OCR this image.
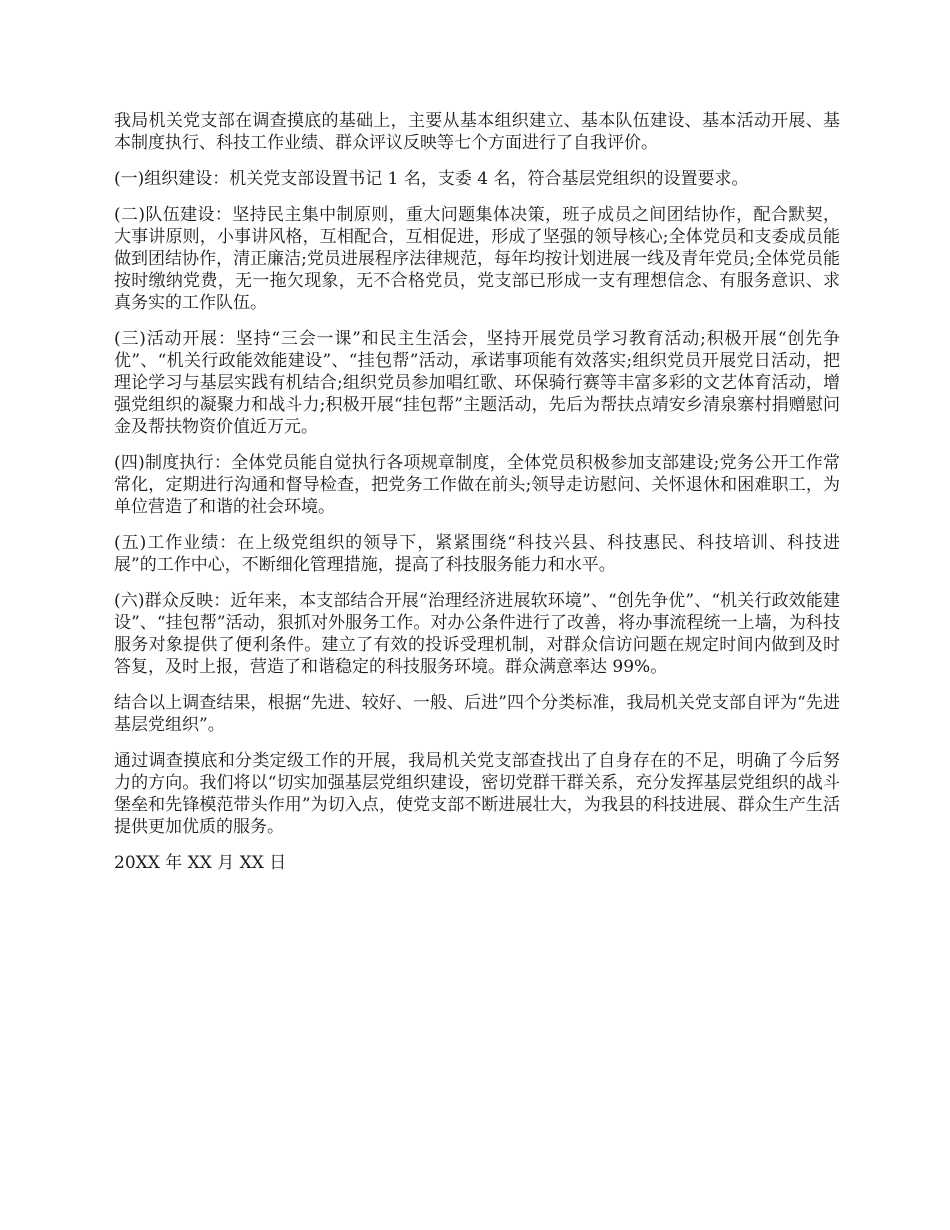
我局机关党支部在调查摸底的基础上，主要从基本组织建立、基本队伍建设、基本活动开展、基本制度执行、科技工作业绩、群众评议反映等七个方面进行了自我评价。

(一)组织建设：机关党支部设置书记 1 名，支委 4 名，符合基层党组织的设置要求。

(二)队伍建设：坚持民主集中制原则，重大问题集体决策，班子成员之间团结协作，配合默契，大事讲原则，小事讲风格，互相配合，互相促进，形成了坚强的领导核心;全体党员和支委成员能做到团结协作，清正廉洁;党员进展程序法律规范，每年均按计划进展一线及青年党员;全体党员能按时缴纳党费，无一拖欠现象，无不合格党员，党支部已形成一支有理想信念、有服务意识、求真务实的工作队伍。

(三)活动开展：坚持“三会一课”和民主生活会，坚持开展党员学习教育活动;积极开展“创先争优”、“机关行政能效能建设”、“挂包帮”活动，承诺事项能有效落实;组织党员开展党日活动，把理论学习与基层实践有机结合;组织党员参加唱红歌、环保骑行赛等丰富多彩的文艺体育活动，增强党组织的凝聚力和战斗力;积极开展“挂包帮”主题活动，先后为帮扶点靖安乡清泉寨村捐赠慰问金及帮扶物资价值近万元。

(四)制度执行：全体党员能自觉执行各项规章制度，全体党员积极参加支部建设;党务公开工作常常化，定期进行沟通和督导检查，把党务工作做在前头;领导走访慰问、关怀退休和困难职工，为单位营造了和谐的社会环境。

(五)工作业绩：在上级党组织的领导下，紧紧围绕“科技兴县、科技惠民、科技培训、科技进展”的工作中心，不断细化管理措施，提高了科技服务能力和水平。

(六)群众反映：近年来，本支部结合开展“治理经济进展软环境”、“创先争优”、“机关行政效能建设”、“挂包帮”活动，狠抓对外服务工作。对办公条件进行了改善，将办事流程统一上墙，为科技服务对象提供了便利条件。建立了有效的投诉受理机制，对群众信访问题在规定时间内做到及时答复，及时上报，营造了和谐稳定的科技服务环境。群众满意率达 99%。

结合以上调查结果，根据“先进、较好、一般、后进”四个分类标准，我局机关党支部自评为“先进基层党组织”。

通过调查摸底和分类定级工作的开展，我局机关党支部查找出了自身存在的不足，明确了今后努力的方向。我们将以“切实加强基层党组织建设，密切党群干群关系，充分发挥基层党组织的战斗堡垒和先锋模范带头作用”为切入点，使党支部不断进展壮大，为我县的科技进展、群众生产生活提供更加优质的服务。

20XX 年 XX 月 XX 日
